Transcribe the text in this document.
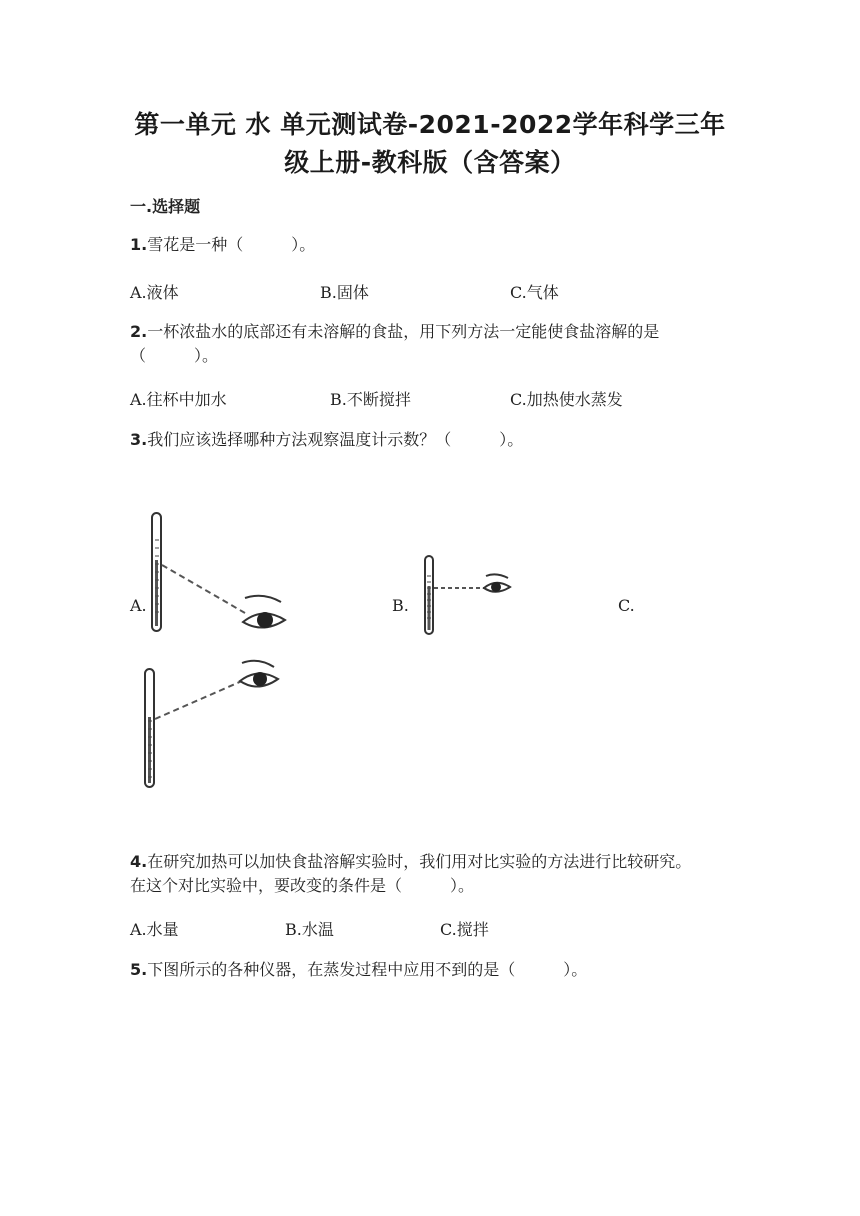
第一单元 水 单元测试卷-2021-2022学年科学三年
级上册-教科版（含答案）
一.选择题
1.雪花是一种（　　　）。
A.液体	B.固体	C.气体
2.一杯浓盐水的底部还有未溶解的食盐，用下列方法一定能使食盐溶解的是
（　　　）。
A.往杯中加水	B.不断搅拌	C.加热使水蒸发
3.我们应该选择哪种方法观察温度计示数？（　　　）。
A.	B.	C.
4.在研究加热可以加快食盐溶解实验时，我们用对比实验的方法进行比较研究。
在这个对比实验中，要改变的条件是（　　　）。
A.水量	B.水温	C.搅拌
5.下图所示的各种仪器，在蒸发过程中应用不到的是（　　　）。
